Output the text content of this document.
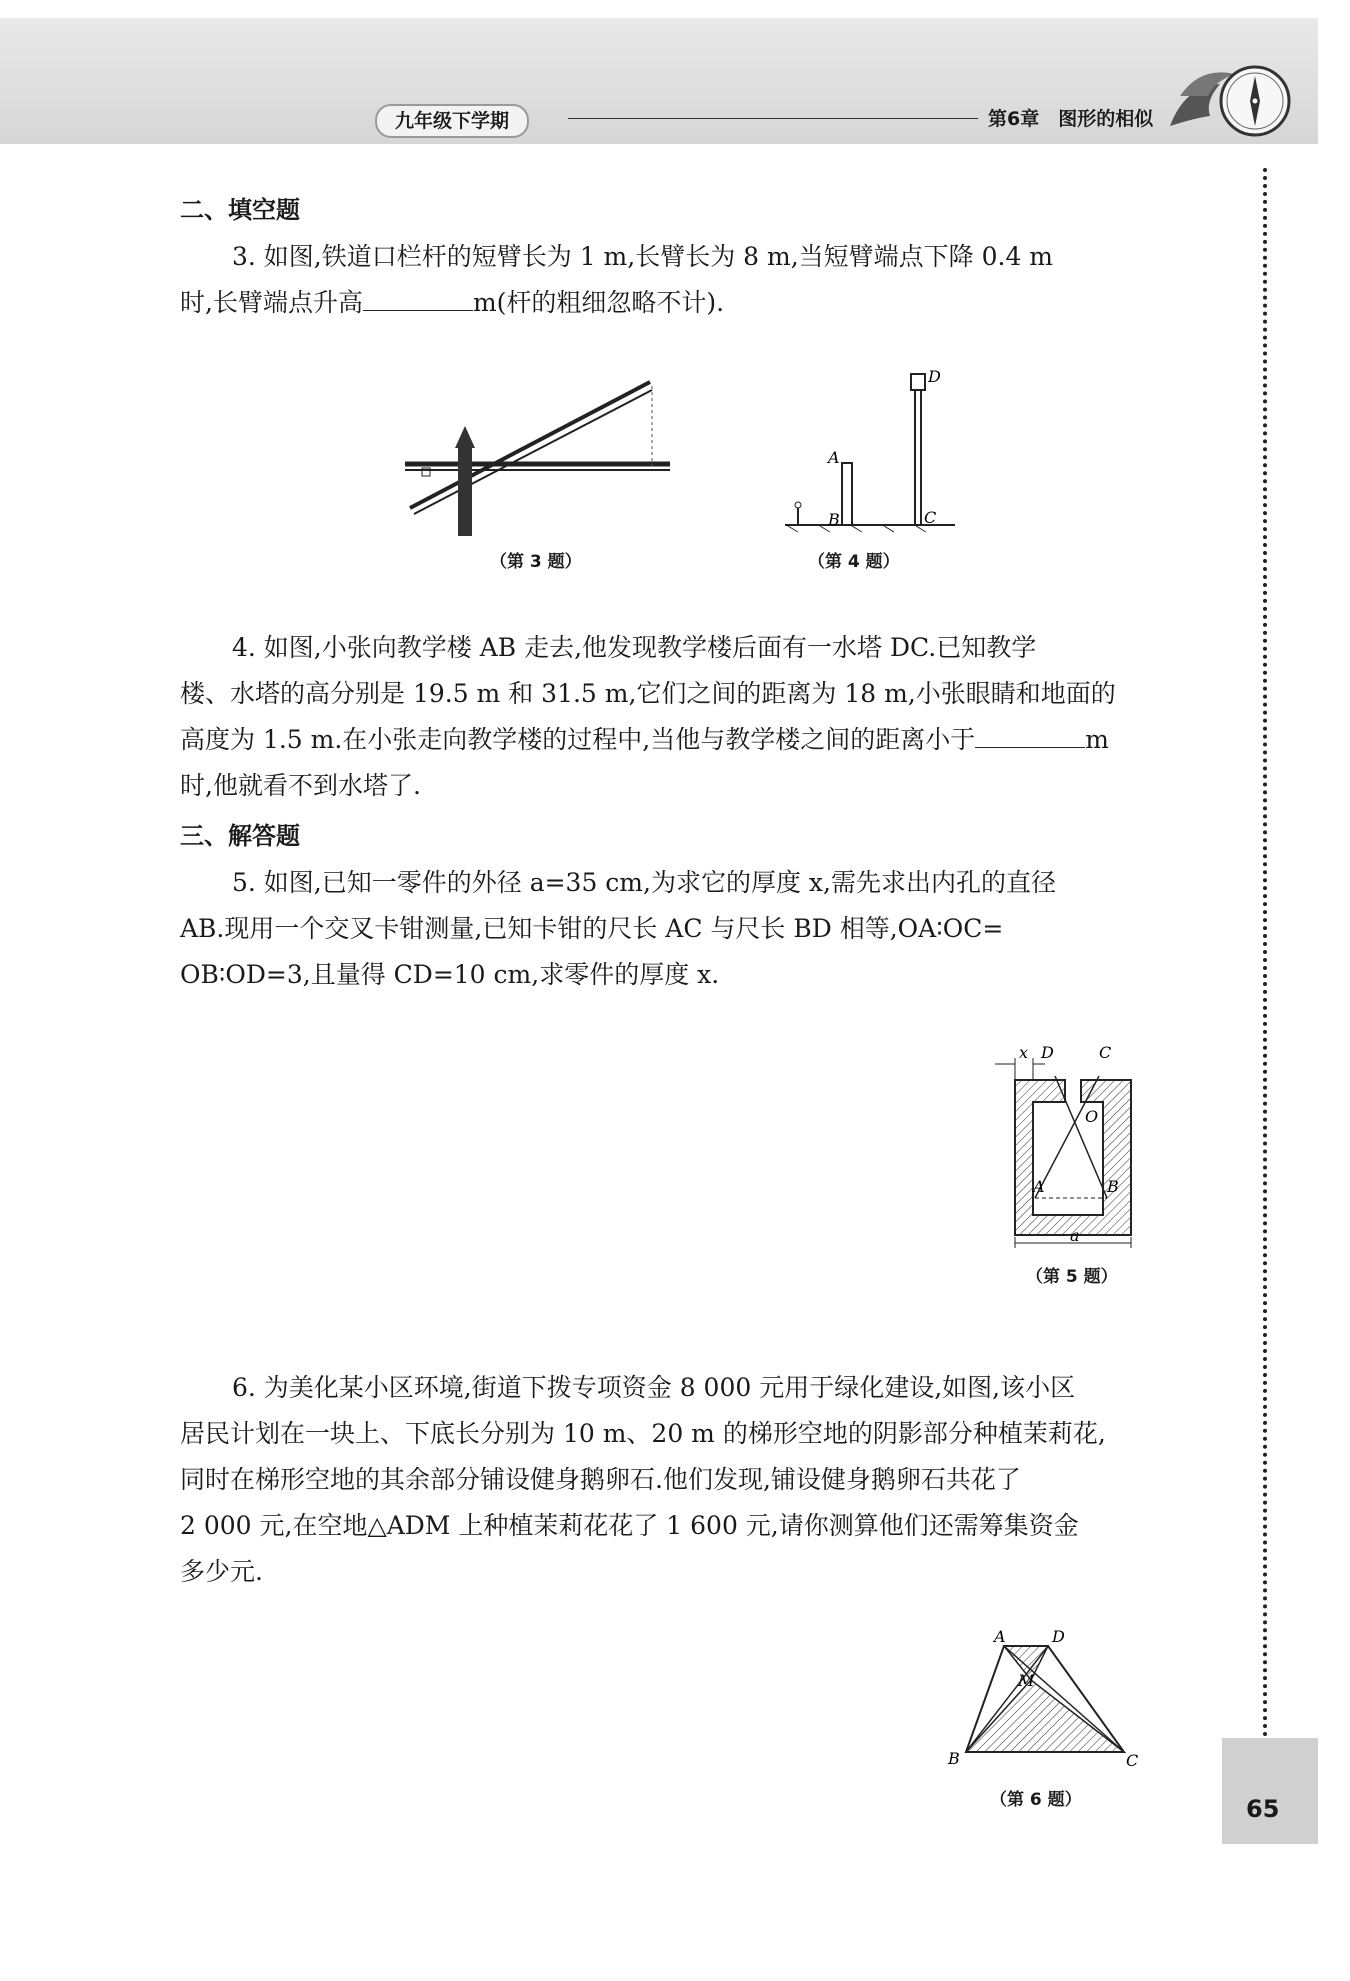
九年级下学期	第6章　图形的相似
二、填空题
3. 如图,铁道口栏杆的短臂长为 1 m,长臂长为 8 m,当短臂端点下降 0.4 m
时,长臂端点升高	m(杆的粗细忽略不计).
（第 3 题）
A
B	C
D
（第 4 题）
4. 如图,小张向教学楼 AB 走去,他发现教学楼后面有一水塔 DC.已知教学
楼、水塔的高分别是 19.5 m 和 31.5 m,它们之间的距离为 18 m,小张眼睛和地面的
高度为 1.5 m.在小张走向教学楼的过程中,当他与教学楼之间的距离小于	m
时,他就看不到水塔了.
三、解答题
5. 如图,已知一零件的外径 a=35 cm,为求它的厚度 x,需先求出内孔的直径
AB.现用一个交叉卡钳测量,已知卡钳的尺长 AC 与尺长 BD 相等,OA∶OC=
OB∶OD=3,且量得 CD=10 cm,求零件的厚度 x.
x D	C
O
A	B
a
（第 5 题）
6. 为美化某小区环境,街道下拨专项资金 8 000 元用于绿化建设,如图,该小区
居民计划在一块上、下底长分别为 10 m、20 m 的梯形空地的阴影部分种植茉莉花,
同时在梯形空地的其余部分铺设健身鹅卵石.他们发现,铺设健身鹅卵石共花了
2 000 元,在空地△ADM 上种植茉莉花花了 1 600 元,请你测算他们还需筹集资金
多少元.
A	D
M
B	C
（第 6 题）	65
